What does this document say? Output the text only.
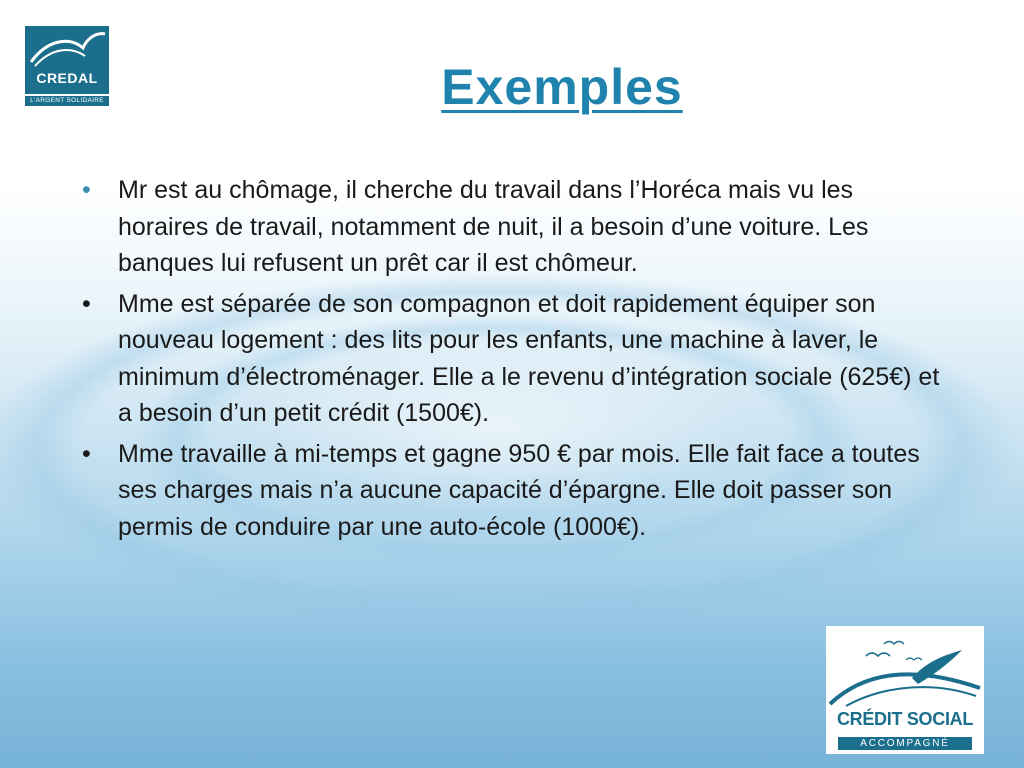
CREDAL
L'ARGENT SOLIDAIRE	Exemples
•	Mr est au chômage, il cherche du travail dans l’Horéca mais vu les horaires de travail, notamment de nuit, il a besoin d’une voiture. Les banques lui refusent un prêt car il est chômeur.
•	Mme est séparée de son compagnon et doit rapidement équiper son nouveau logement : des lits pour les enfants, une machine à laver, le minimum d’électroménager. Elle a le revenu d’intégration sociale (625€) et a besoin d’un petit crédit (1500€).
•	Mme travaille à mi-temps et gagne 950 € par mois. Elle fait face a toutes ses charges mais n’a aucune capacité d’épargne. Elle doit passer son permis de conduire par une auto-école (1000€).
CRÉDIT SOCIAL
ACCOMPAGNÉ
